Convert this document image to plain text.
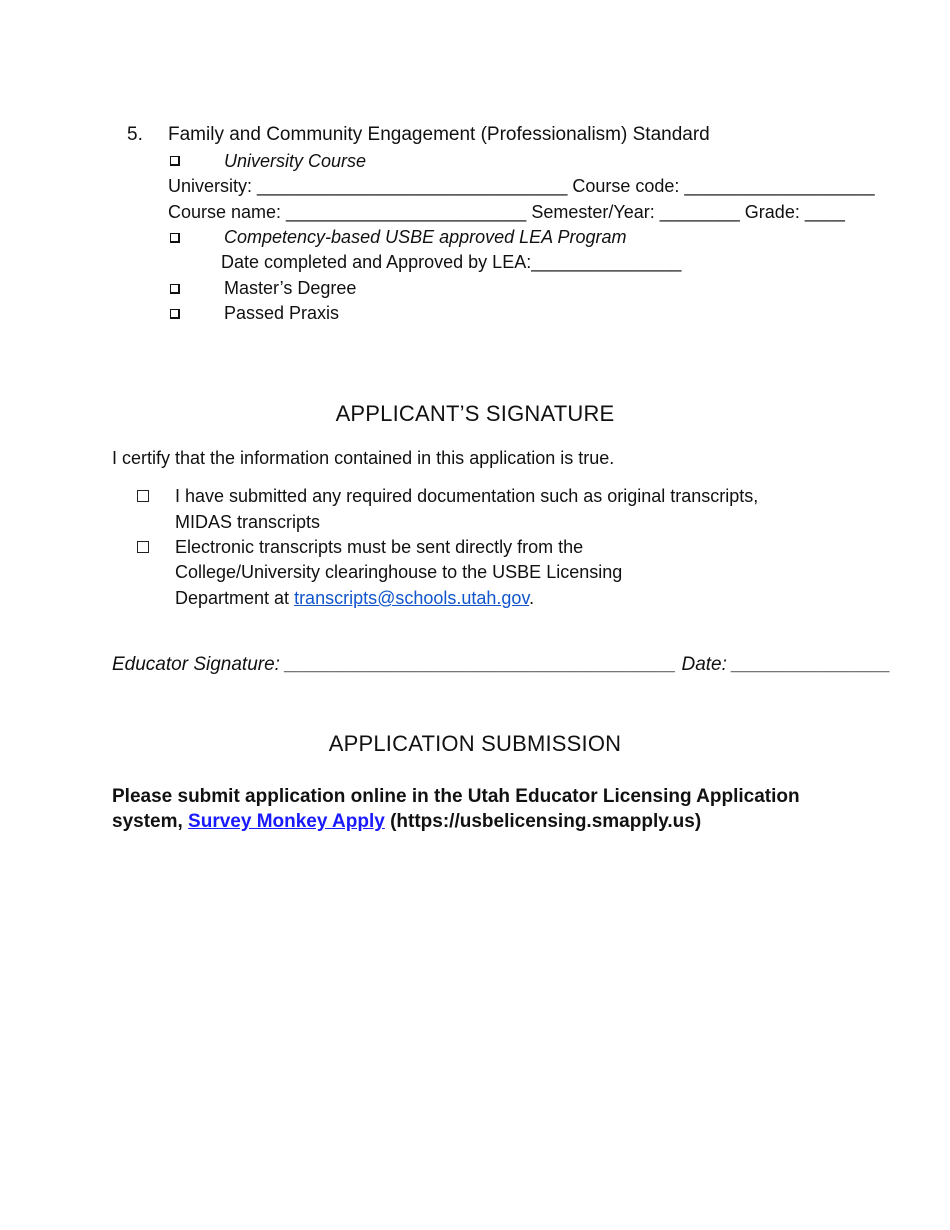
5. Family and Community Engagement (Professionalism) Standard
University Course
University: _______________________________ Course code: ___________________
Course name: ________________________ Semester/Year: ________ Grade: ____
Competency-based USBE approved LEA Program
Date completed and Approved by LEA:_______________
Master’s Degree
Passed Praxis
APPLICANT’S SIGNATURE
I certify that the information contained in this application is true.
I have submitted any required documentation such as original transcripts,
MIDAS transcripts
Electronic transcripts must be sent directly from the
College/University clearinghouse to the USBE Licensing
Department at transcripts@schools.utah.gov.
Educator Signature: _____________________________________ Date: _______________
APPLICATION SUBMISSION
Please submit application online in the Utah Educator Licensing Application
system, Survey Monkey Apply (https://usbelicensing.smapply.us)
